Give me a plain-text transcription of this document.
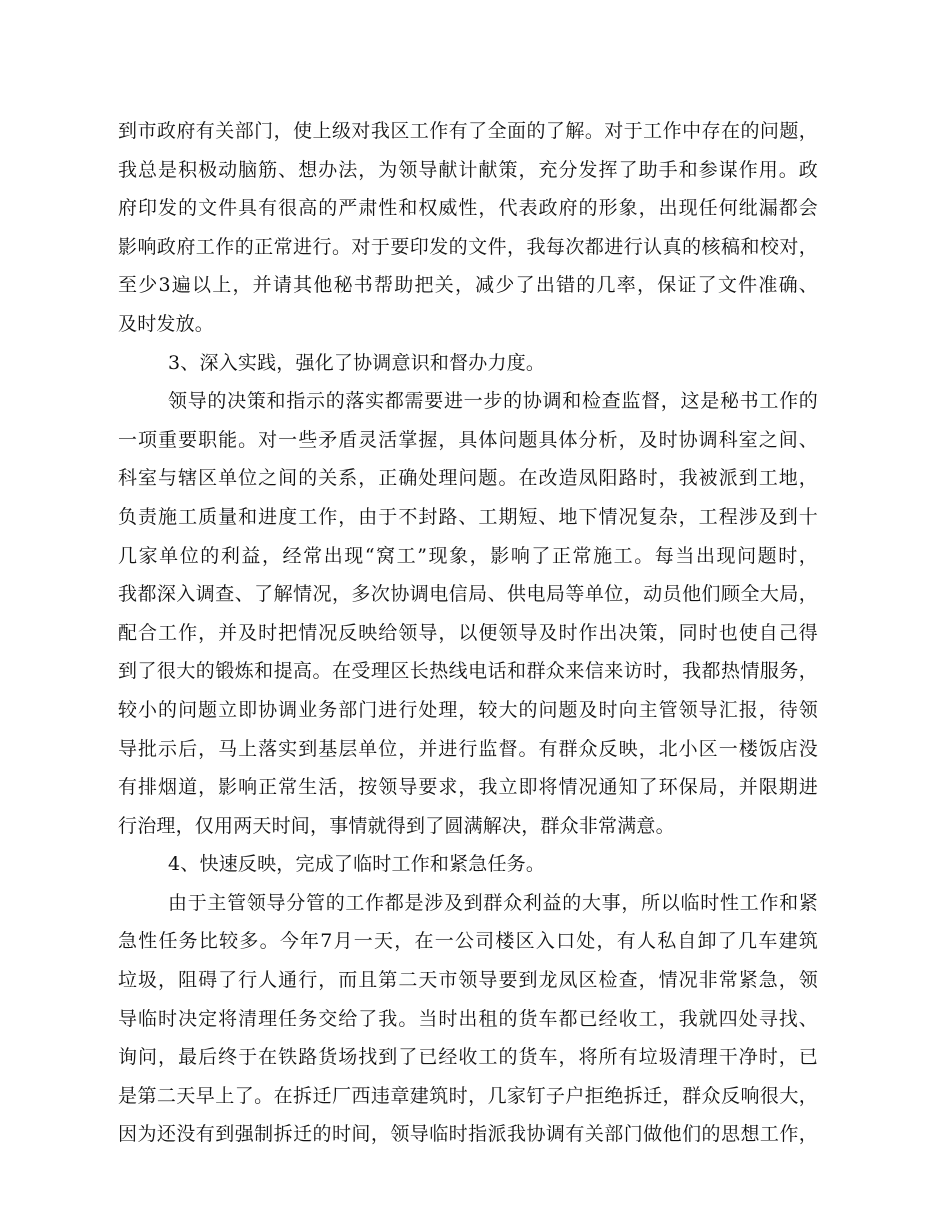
到市政府有关部门，使上级对我区工作有了全面的了解。对于工作中存在的问题，
我总是积极动脑筋、想办法，为领导献计献策，充分发挥了助手和参谋作用。政
府印发的文件具有很高的严肃性和权威性，代表政府的形象，出现任何纰漏都会
影响政府工作的正常进行。对于要印发的文件，我每次都进行认真的核稿和校对，
至少3遍以上，并请其他秘书帮助把关，减少了出错的几率，保证了文件准确、
及时发放。
3、深入实践，强化了协调意识和督办力度。
领导的决策和指示的落实都需要进一步的协调和检查监督，这是秘书工作的
一项重要职能。对一些矛盾灵活掌握，具体问题具体分析，及时协调科室之间、
科室与辖区单位之间的关系，正确处理问题。在改造凤阳路时，我被派到工地，
负责施工质量和进度工作，由于不封路、工期短、地下情况复杂，工程涉及到十
几家单位的利益，经常出现“窝工”现象，影响了正常施工。每当出现问题时，
我都深入调查、了解情况，多次协调电信局、供电局等单位，动员他们顾全大局，
配合工作，并及时把情况反映给领导，以便领导及时作出决策，同时也使自己得
到了很大的锻炼和提高。在受理区长热线电话和群众来信来访时，我都热情服务，
较小的问题立即协调业务部门进行处理，较大的问题及时向主管领导汇报，待领
导批示后，马上落实到基层单位，并进行监督。有群众反映，北小区一楼饭店没
有排烟道，影响正常生活，按领导要求，我立即将情况通知了环保局，并限期进
行治理，仅用两天时间，事情就得到了圆满解决，群众非常满意。
4、快速反映，完成了临时工作和紧急任务。
由于主管领导分管的工作都是涉及到群众利益的大事，所以临时性工作和紧
急性任务比较多。今年7月一天，在一公司楼区入口处，有人私自卸了几车建筑
垃圾，阻碍了行人通行，而且第二天市领导要到龙凤区检查，情况非常紧急，领
导临时决定将清理任务交给了我。当时出租的货车都已经收工，我就四处寻找、
询问，最后终于在铁路货场找到了已经收工的货车，将所有垃圾清理干净时，已
是第二天早上了。在拆迁厂西违章建筑时，几家钉子户拒绝拆迁，群众反响很大，
因为还没有到强制拆迁的时间，领导临时指派我协调有关部门做他们的思想工作，
